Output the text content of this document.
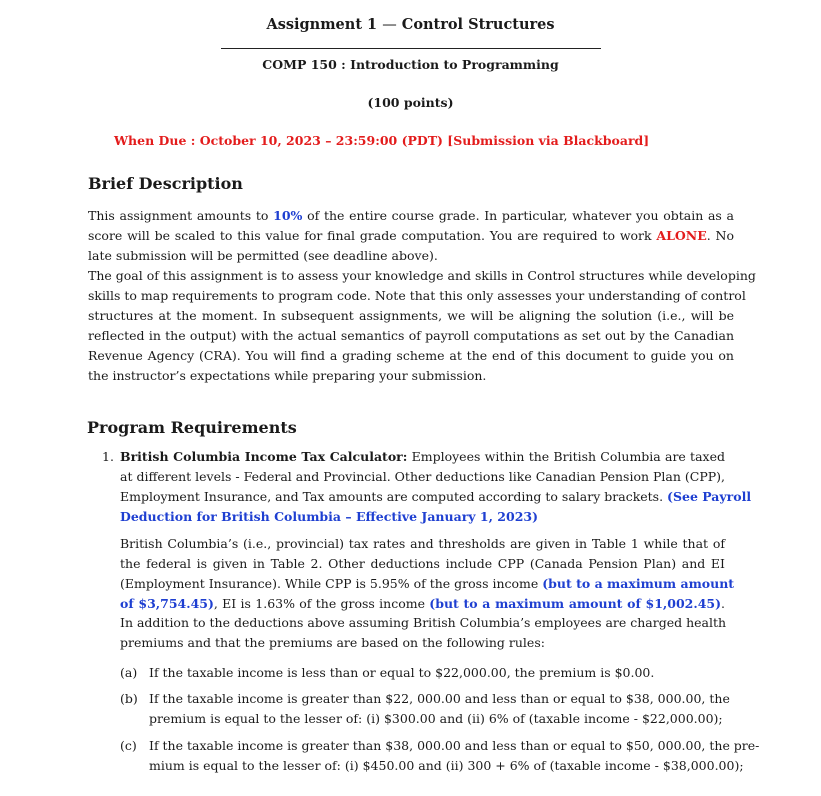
Assignment 1 — Control Structures
COMP 150 : Introduction to Programming
(100 points)
When Due : October 10, 2023 – 23:59:00 (PDT) [Submission via Blackboard]
Brief Description
This assignment amounts to 10% of the entire course grade. In particular, whatever you obtain as a
score will be scaled to this value for final grade computation. You are required to work ALONE. No
late submission will be permitted (see deadline above).
The goal of this assignment is to assess your knowledge and skills in Control structures while developing
skills to map requirements to program code. Note that this only assesses your understanding of control
structures at the moment. In subsequent assignments, we will be aligning the solution (i.e., will be
reflected in the output) with the actual semantics of payroll computations as set out by the Canadian
Revenue Agency (CRA). You will find a grading scheme at the end of this document to guide you on
the instructor’s expectations while preparing your submission.
Program Requirements
1. British Columbia Income Tax Calculator: Employees within the British Columbia are taxed
at different levels - Federal and Provincial. Other deductions like Canadian Pension Plan (CPP),
Employment Insurance, and Tax amounts are computed according to salary brackets. (See Payroll
Deduction for British Columbia – Effective January 1, 2023)
British Columbia’s (i.e., provincial) tax rates and thresholds are given in Table 1 while that of
the federal is given in Table 2. Other deductions include CPP (Canada Pension Plan) and EI
(Employment Insurance). While CPP is 5.95% of the gross income (but to a maximum amount
of $3,754.45), EI is 1.63% of the gross income (but to a maximum amount of $1,002.45).
In addition to the deductions above assuming British Columbia’s employees are charged health
premiums and that the premiums are based on the following rules:
(a) If the taxable income is less than or equal to $22,000.00, the premium is $0.00.
(b) If the taxable income is greater than $22, 000.00 and less than or equal to $38, 000.00, the
premium is equal to the lesser of: (i) $300.00 and (ii) 6% of (taxable income - $22,000.00);
(c) If the taxable income is greater than $38, 000.00 and less than or equal to $50, 000.00, the pre-
mium is equal to the lesser of: (i) $450.00 and (ii) 300 + 6% of (taxable income - $38,000.00);
